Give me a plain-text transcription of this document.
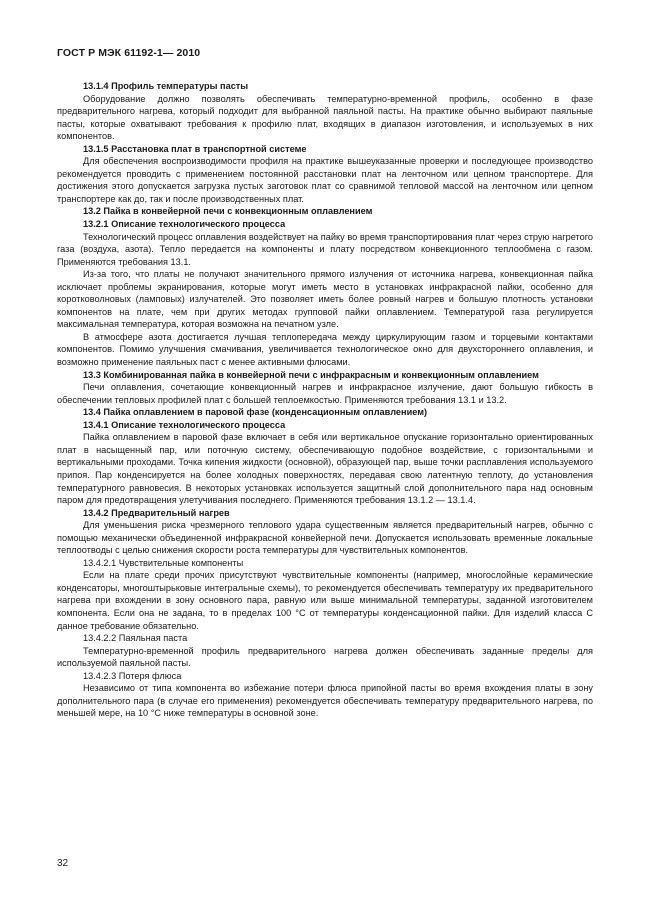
ГОСТ Р МЭК 61192-1— 2010

13.1.4 Профиль температуры пасты

Оборудование должно позволять обеспечивать температурно-временной профиль, особенно в фазе предварительного нагрева, который подходит для выбранной паяльной пасты. На практике обычно выбирают паяльные пасты, которые охватывают требования к профилю плат, входящих в диапазон изготовления, и используемых в них компонентов.

13.1.5 Расстановка плат в транспортной системе

Для обеспечения воспроизводимости профиля на практике вышеуказанные проверки и последующее производство рекомендуется проводить с применением постоянной расстановки плат на ленточном или цепном транспортере. Для достижения этого допускается загрузка пустых заготовок плат со сравнимой тепловой массой на ленточном или цепном транспортере как до, так и после производственных плат.

13.2 Пайка в конвейерной печи с конвекционным оплавлением

13.2.1 Описание технологического процесса

Технологический процесс оплавления воздействует на пайку во время транспортирования плат через струю нагретого газа (воздуха, азота). Тепло передается на компоненты и плату посредством конвекционного теплообмена с газом. Применяются требования 13.1.

Из-за того, что платы не получают значительного прямого излучения от источника нагрева, конвекционная пайка исключает проблемы экранирования, которые могут иметь место в установках инфракрасной пайки, особенно для коротковолновых (ламповых) излучателей. Это позволяет иметь более ровный нагрев и большую плотность установки компонентов на плате, чем при других методах групповой пайки оплавлением. Температурой газа регулируется максимальная температура, которая возможна на печатном узле.

В атмосфере азота достигается лучшая теплопередача между циркулирующим газом и торцевыми контактами компонентов. Помимо улучшения смачивания, увеличивается технологическое окно для двухстороннего оплавления, и возможно применение паяльных паст с менее активными флюсами.

13.3 Комбинированная пайка в конвейерной печи с инфракрасным и конвекционным оплавлением

Печи оплавления, сочетающие конвекционный нагрев и инфракрасное излучение, дают большую гибкость в обеспечении тепловых профилей плат с большей теплоемкостью. Применяются требования 13.1 и 13.2.

13.4 Пайка оплавлением в паровой фазе (конденсационным оплавлением)

13.4.1 Описание технологического процесса

Пайка оплавлением в паровой фазе включает в себя или вертикальное опускание горизонтально ориентированных плат в насыщенный пар, или поточную систему, обеспечивающую подобное воздействие, с горизонтальными и вертикальными проходами. Точка кипения жидкости (основной), образующей пар, выше точки расплавления используемого припоя. Пар конденсируется на более холодных поверхностях, передавая свою латентную теплоту, до установления температурного равновесия. В некоторых установках используется защитный слой дополнительного пара над основным паром для предотвращения улетучивания последнего. Применяются требования 13.1.2 — 13.1.4.

13.4.2 Предварительный нагрев

Для уменьшения риска чрезмерного теплового удара существенным является предварительный нагрев, обычно с помощью механически объединенной инфракрасной конвейерной печи. Допускается использовать временные локальные теплоотводы с целью снижения скорости роста температуры для чувствительных компонентов.

13.4.2.1 Чувствительные компоненты

Если на плате среди прочих присутствуют чувствительные компоненты (например, многослойные керамические конденсаторы, многоштырьковые интегральные схемы), то рекомендуется обеспечивать температуру их предварительного нагрева при вхождении в зону основного пара, равную или выше минимальной температуры, заданной изготовителем компонента. Если она не задана, то в пределах 100 °С от температуры конденсационной пайки. Для изделий класса С данное требование обязательно.

13.4.2.2 Паяльная паста

Температурно-временной профиль предварительного нагрева должен обеспечивать заданные пределы для используемой паяльной пасты.

13.4.2.3 Потеря флюса

Независимо от типа компонента во избежание потери флюса припойной пасты во время вхождения платы в зону дополнительного пара (в случае его применения) рекомендуется обеспечивать температуру предварительного нагрева, по меньшей мере, на 10 °С ниже температуры в основной зоне.

32
